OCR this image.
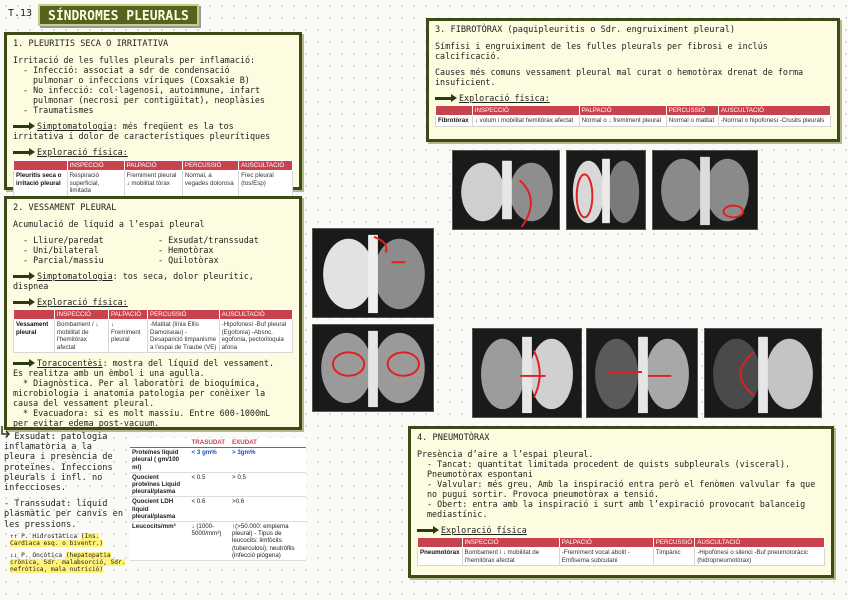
T.13	SÍNDROMES PLEURALS
1. PLEURITIS SECA O IRRITATIVA
Irritació de les fulles pleurals per inflamació:
- Infecció: associat a sdr de condensació
pulmonar o infeccions víriques (Coxsakie B)
- No infecció: col·lagenosi, autoimmune, infart
pulmonar (necrosi per contigüitat), neoplàsies
- Traumatismes
Simptomatologia: més freqüent es la tos
irritativa i dolor de característiques pleurítiques
Exploració física:
	INSPECCIÓ	PALPACIÓ	PERCUSSIÓ	AUSCULTACIÓ
Pleuritis seca o irritació pleural	Respiració superficial, limitada	Fremiment pleural ↓ mobilitat tòrax	Normal, a vegades dolorosa	Frec pleural (tos/Esp)
2. VESSAMENT PLEURAL
Acumulació de líquid a l’espai pleural
- Lliure/paredat
- Uni/bilateral
- Parcial/massiu
- Exsudat/transsudat
- Hemotòrax
- Quilotòrax
Simptomatologia: tos seca, dolor pleurític,
dispnea
Exploració física:
	INSPECCIÓ	PALPACIÓ	PERCUSSIÓ	AUSCULTACIÓ
Vessament pleural	Bombament / ↓ mobilitat de l’hemitòrax afectat	↓ Fremiment pleural	-Matitat (línia Ellis Damoiseau) -Desaparició timpanisme a l’espai de Traube (VE)	-Hipofonesi -Buf pleural (Egofonia) -Absnc. egofonia, pectoriloquia afona
Toracocentèsi: mostra del líquid del vessament.
Es realitza amb un èmbol i una agulla.
* Diagnòstica. Per al laboratòri de bioquímica,
microbiologia i anatomia patologia per conèixer la
causa del vessament pleural.
* Evacuadora: si es molt massiu. Entre 600-1000mL
per evitar edema post-vacuum.
- Exsudat: patologia inflamatòria a la pleura i presència de proteïnes. Infeccions pleurals i infl. no infeccioses.
- Transsudat: líquid plasmàtic per canvis en les pressions.
↑↑ P. Hidrostàtica (Ins. Cardiaca esq. o biventr.)
↓↓ P. Oncòtica (hepatopatia crònica, Sdr. malabsorció, Sdr. nefròtica, mala nutrició)
	TRASUDAT	EXUDAT
Proteïnes líquid pleural ( gm/100 ml)	< 3 gm%	> 3gm%
Quocient proteïnes Líquid pleural/plasma	< 0.5	> 0.5
Quocient LDH líquid pleural/plasma	< 0.6	>0.6
Leucocits/mm³	↓ (1000-5000/mm³)	↑(>50.000: empiema pleural) - Tipus de leucocits: limfòcits (tuberculosi); neutròfils (infecció piògena)
3. FIBROTÒRAX (paquipleuritis o Sdr. engruiximent pleural)
Símfisi i engruiximent de les fulles pleurals per fibrosi e inclús calcificació.
Causes més comuns vessament pleural mal curat o hemotòrax drenat de forma insuficient.
Exploració física:
	INSPECCIÓ	PALPACIÓ	PERCUSSIÓ	AUSCULTACIÓ
Fibrotòrax	↓ volum i mobilitat hemitòrax afectat	Normal o ↓ fremiment pleural	Normal o matitat	-Normal o hipofonesi -Crusits pleurals
4. PNEUMOTÒRAX
Presència d’aire a l’espai pleural.
- Tancat: quantitat limitada procedent de quists subpleurals (visceral). Pneumotòrax espontani
- Valvular: més greu. Amb la inspiració entra però el fenòmen valvular fa que no pugui sortir. Provoca pneumotòrax a tensió.
- Obert: entra amb la inspiració i surt amb l’expiració provocant balanceig mediastínic.
Exploració física
	INSPECCIÓ	PALPACIÓ	PERCUSSIÓ	AUSCULTACIÓ
Pneumotòrax	Bombament i ↓ mobilitat de l’hemitòrax afectat	-Fremiment vocal abolit -Emfisema subcutani	Timpànic	-Hipofonesi o silenci -Buf pneumotoràcic (hidropneumotòrax)
